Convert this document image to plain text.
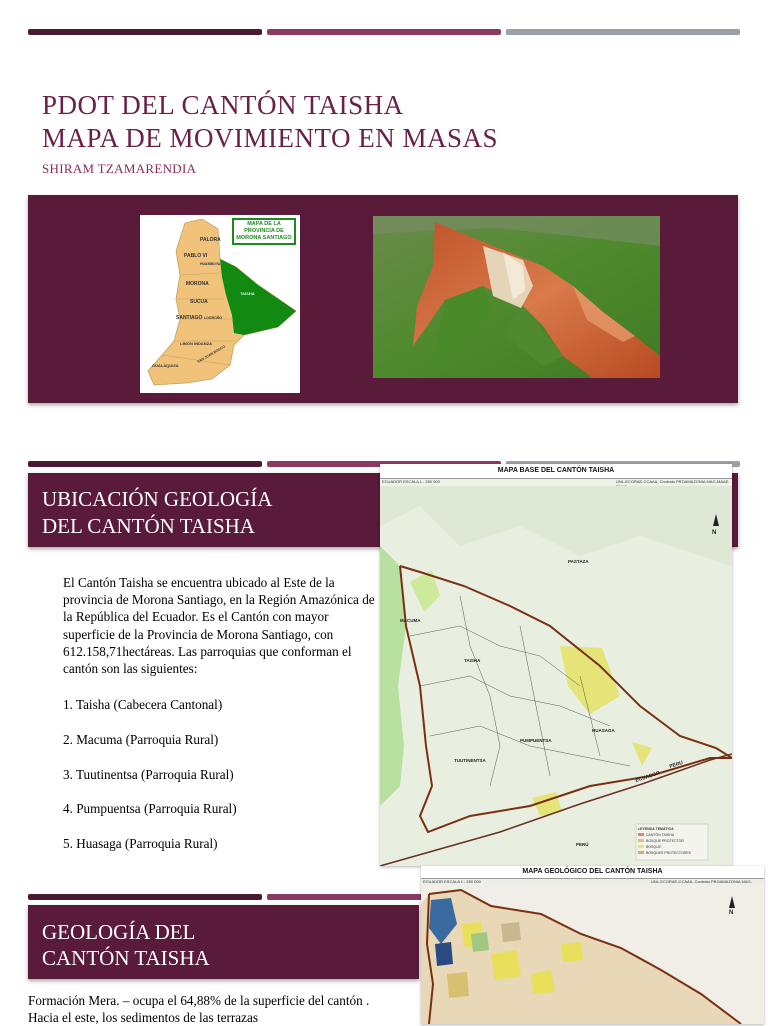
PDOT DEL CANTÓN TAISHA
MAPA DE MOVIMIENTO EN MASAS
SHIRAM TZAMARENDIA
PALORA
PABLO VI
HUAMBOYA
MORONA
TAISHA
SUCUA
SANTIAGO LOGROÑO
LIMON INDANZA
SAN JUAN BOSCO
GUALAQUIZA
MAPA DE LA PROVINCIA DE MORONA SANTIAGO
UBICACIÓN GEOLOGÍA
DEL CANTÓN TAISHA
El Cantón Taisha se encuentra ubicado al Este de la provincia de Morona Santiago, en la Región Amazónica de la República del Ecuador. Es el Cantón con mayor superficie de la Provincia de Morona Santiago, con 612.158,71hectáreas. Las parroquias que conforman el cantón son las siguientes:
1. Taisha (Cabecera Cantonal)
2. Macuma (Parroquia Rural)
3. Tuutinentsa (Parroquia Rural)
4. Pumpuentsa (Parroquia Rural)
5. Huasaga (Parroquia Rural)
MAPA BASE DEL CANTÓN TAISHA
ECUADOR ESCALA 1 : 250 000	UNL-ECORAE-CCAAA, Contrato PROAMAZONIA MAG-MAAE-
PASTAZA
MACUMA
TAISHA
HUASAGA
PUMPUENTSA
TUUTINENTSA
ECUADOR
PERU
PERÚ
N
LEYENDA TEMÁTICA
CANTÓN TAISHA
BOSQUE PROTECTOR
BOSQUE
BOSQUES PROTECTORES
GEOLOGÍA DEL
CANTÓN TAISHA
Formación Mera. – ocupa el 64,88% de la superficie del cantón . Hacia el este, los sedimentos de las terrazas
MAPA GEOLÓGICO DEL CANTÓN TAISHA
ECUADOR ESCALA 1 : 250 000	UNL-ECORAE-CCAAA, Contrato PROAMAZONIA MAG-
N
